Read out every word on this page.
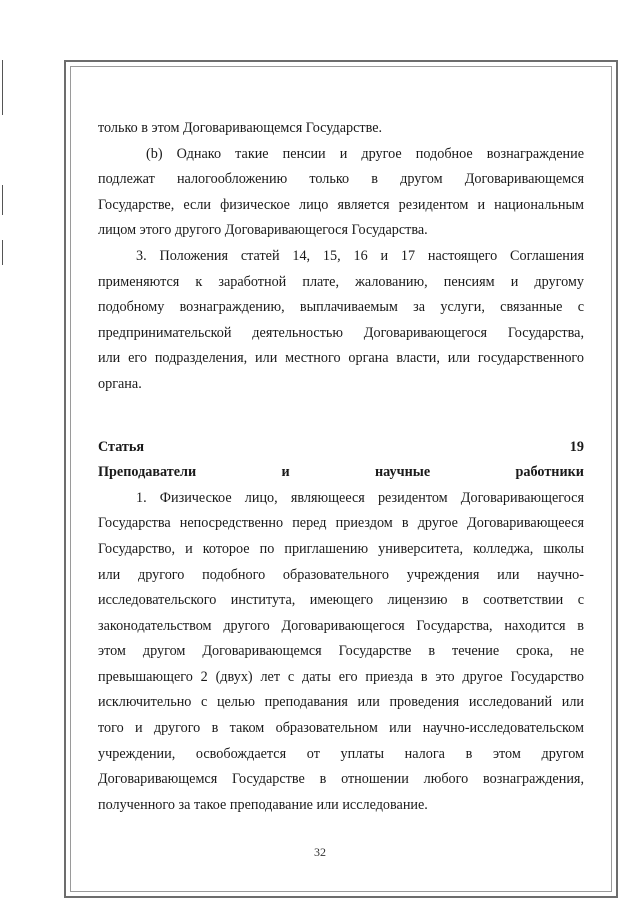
только в этом Договаривающемся Государстве.

(b) Однако такие пенсии и другое подобное вознаграждение

подлежат налогообложению только в другом Договаривающемся

Государстве, если физическое лицо является резидентом и национальным

лицом этого другого Договаривающегося Государства.

3. Положения статей 14, 15, 16 и 17 настоящего Соглашения

применяются к заработной плате, жалованию, пенсиям и другому

подобному вознаграждению, выплачиваемым за услуги, связанные с

предпринимательской деятельностью Договаривающегося Государства,

или его подразделения, или местного органа власти, или государственного

органа.

Статья 19

Преподаватели и научные работники

1. Физическое лицо, являющееся резидентом Договаривающегося

Государства непосредственно перед приездом в другое Договаривающееся

Государство, и которое по приглашению университета, колледжа, школы

или другого подобного образовательного учреждения или научно-

исследовательского института, имеющего лицензию в соответствии с

законодательством другого Договаривающегося Государства, находится в

этом другом Договаривающемся Государстве в течение срока, не

превышающего 2 (двух) лет с даты его приезда в это другое Государство

исключительно с целью преподавания или проведения исследований или

того и другого в таком образовательном или научно-исследовательском

учреждении, освобождается от уплаты налога в этом другом

Договаривающемся Государстве в отношении любого вознаграждения,

полученного за такое преподавание или исследование.

32
